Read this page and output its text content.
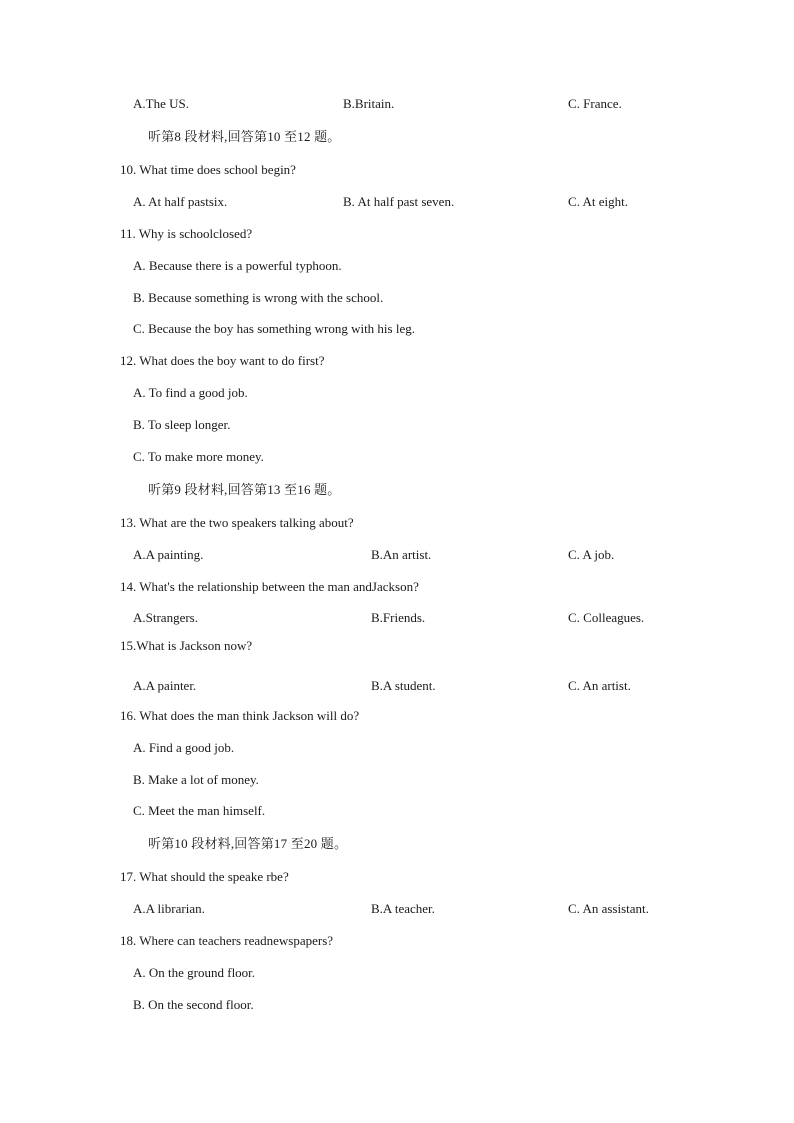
A.The US.	B.Britain.	C. France.
听第8 段材料,回答第10 至12 题。
10. What time does school begin?
A. At half pastsix.	B. At half past seven.	C. At eight.
11. Why is schoolclosed?
A. Because there is a powerful typhoon.
B. Because something is wrong with the school.
C. Because the boy has something wrong with his leg.
12. What does the boy want to do first?
A. To find a good job.
B. To sleep longer.
C. To make more money.
听第9 段材料,回答第13 至16 题。
13. What are the two speakers talking about?
A.A painting.	B.An artist.	C. A job.
14. What's the relationship between the man andJackson?
A.Strangers.	B.Friends.	C. Colleagues.
15.What is Jackson now?
A.A painter.	B.A student.	C. An artist.
16. What does the man think Jackson will do?
A. Find a good job.
B. Make a lot of money.
C. Meet the man himself.
听第10 段材料,回答第17 至20 题。
17. What should the speake rbe?
A.A librarian.	B.A teacher.	C. An assistant.
18. Where can teachers readnewspapers?
A. On the ground floor.
B. On the second floor.
